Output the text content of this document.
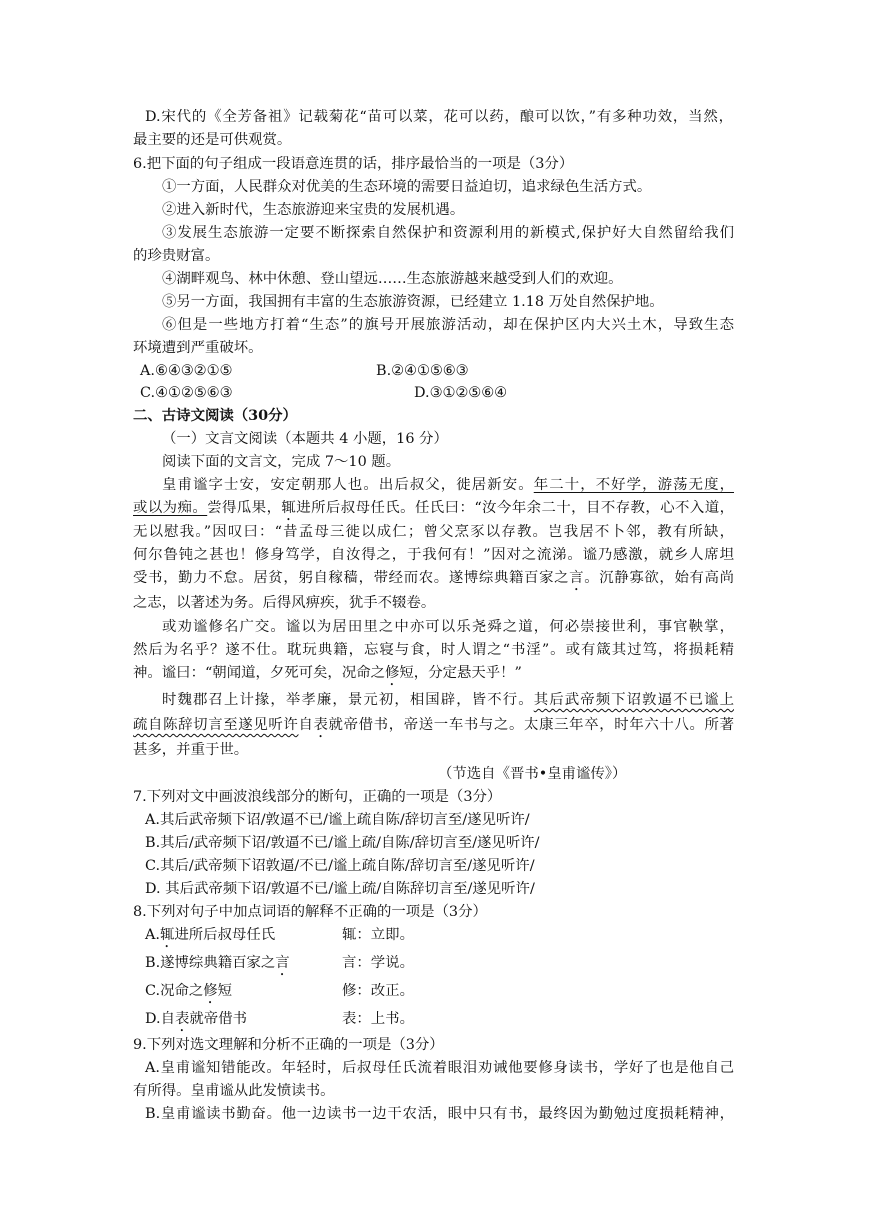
D.宋代的《全芳备祖》记载菊花“苗可以菜，花可以药，酿可以饮，”有多种功效，当然，
最主要的还是可供观赏。
6.把下面的句子组成一段语意连贯的话，排序最恰当的一项是（3分）
①一方面，人民群众对优美的生态环境的需要日益迫切，追求绿色生活方式。
②进入新时代，生态旅游迎来宝贵的发展机遇。
③发展生态旅游一定要不断探索自然保护和资源利用的新模式,保护好大自然留给我们
的珍贵财富。
④湖畔观鸟、林中休憩、登山望远……生态旅游越来越受到人们的欢迎。
⑤另一方面，我国拥有丰富的生态旅游资源，已经建立 1.18 万处自然保护地。
⑥但是一些地方打着“生态”的旗号开展旅游活动，却在保护区内大兴土木，导致生态
环境遭到严重破坏。
A.⑥④③②①⑤	B.②④①⑤⑥③
C.④①②⑤⑥③	D.③①②⑤⑥④
二、古诗文阅读（30分）
（一）文言文阅读（本题共 4 小题，16 分）
阅读下面的文言文，完成 7～10 题。
皇甫谧字士安，安定朝那人也。出后叔父，徙居新安。年二十，不好学，游荡无度，
或以为痴。尝得瓜果，辄进所后叔母任氏。任氏曰：“汝今年余二十，目不存教，心不入道，
无以慰我。”因叹曰：“昔孟母三徙以成仁；曾父烹豕以存教。岂我居不卜邻，教有所缺，
何尔鲁钝之甚也！修身笃学，自汝得之，于我何有！”因对之流涕。谧乃感激，就乡人席坦
受书，勤力不怠。居贫，躬自稼穑，带经而农。遂博综典籍百家之言。沉静寡欲，始有高尚
之志，以著述为务。后得风痹疾，犹手不辍卷。
或劝谧修名广交。谧以为居田里之中亦可以乐尧舜之道，何必崇接世利，事官鞅掌，
然后为名乎？遂不仕。耽玩典籍，忘寝与食，时人谓之“书淫”。或有箴其过笃，将损耗精
神。谧曰：“朝闻道，夕死可矣，况命之修短，分定悬天乎！”
时魏郡召上计掾，举孝廉，景元初，相国辟，皆不行。其后武帝频下诏敦逼不已谧上
疏自陈辞切言至遂见听许自表就帝借书，帝送一车书与之。太康三年卒，时年六十八。所著
甚多，并重于世。
（节选自《晋书•皇甫谧传》）
7.下列对文中画波浪线部分的断句，正确的一项是（3分）
A.其后武帝频下诏/敦逼不已/谧上疏自陈/辞切言至/遂见听许/
B.其后/武帝频下诏/敦逼不已/谧上疏/自陈/辞切言至/遂见听许/
C.其后/武帝频下诏敦逼/不已/谧上疏自陈/辞切言至/遂见听许/
D. 其后武帝频下诏/敦逼不已/谧上疏/自陈辞切言至/遂见听许/
8.下列对句子中加点词语的解释不正确的一项是（3分）
A.辄进所后叔母任氏	辄：立即。
B.遂博综典籍百家之言	言：学说。
C.况命之修短	修：改正。
D.自表就帝借书	表：上书。
9.下列对选文理解和分析不正确的一项是（3分）
A.皇甫谧知错能改。年轻时，后叔母任氏流着眼泪劝诫他要修身读书，学好了也是他自己
有所得。皇甫谧从此发愤读书。
B.皇甫谧读书勤奋。他一边读书一边干农活，眼中只有书，最终因为勤勉过度损耗精神，
